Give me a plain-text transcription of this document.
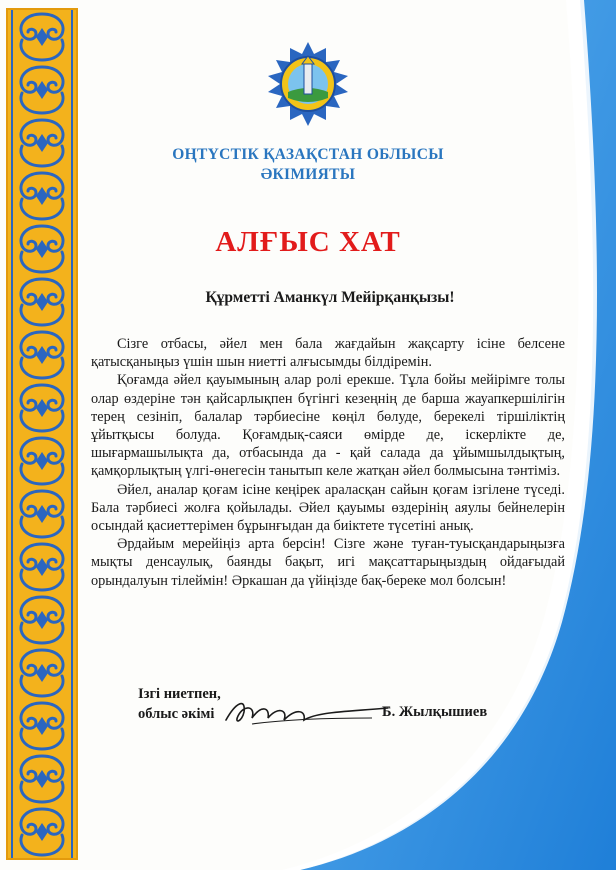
ОҢТҮСТІК ҚАЗАҚСТАН ОБЛЫСЫ
ӘКІМИЯТЫ
АЛҒЫС ХАТ
Құрметті Аманкүл Мейірқанқызы!

Сізге отбасы, әйел мен бала жағдайын жақсарту ісіне белсене қатысқаныңыз үшін шын ниетті алғысымды білдіремін.

Қоғамда әйел қауымының алар ролі ерекше. Тұла бойы мейірімге толы олар өздеріне тән қайсарлықпен бүгінгі кезеңнің де барша жауапкершілігін терең сезініп, балалар тәрбиесіне көңіл бөлуде, берекелі тіршіліктің ұйытқысы болуда. Қоғамдық-саяси өмірде де, іскерлікте де, шығармашылықта да, отбасында да - қай салада да ұйымшылдықтың, қамқорлықтың үлгі-өнегесін танытып келе жатқан әйел болмысына тәнтіміз.

Әйел, аналар қоғам ісіне кеңірек араласқан сайын қоғам ізгілене түседі. Бала тәрбиесі жолға қойылады. Әйел қауымы өздерінің аяулы бейнелерін осындай қасиеттерімен бұрынғыдан да биіктете түсетіні анық.

Әрдайым мерейіңіз арта берсін! Сізге және туған-туысқандарыңызға мықты денсаулық, баянды бақыт, игі мақсаттарыңыздың ойдағыдай орындалуын тілеймін! Әркашан да үйіңізде бақ-береке мол болсын!

Ізгі ниетпен,
облыс әкімі	Б. Жылқышиев
